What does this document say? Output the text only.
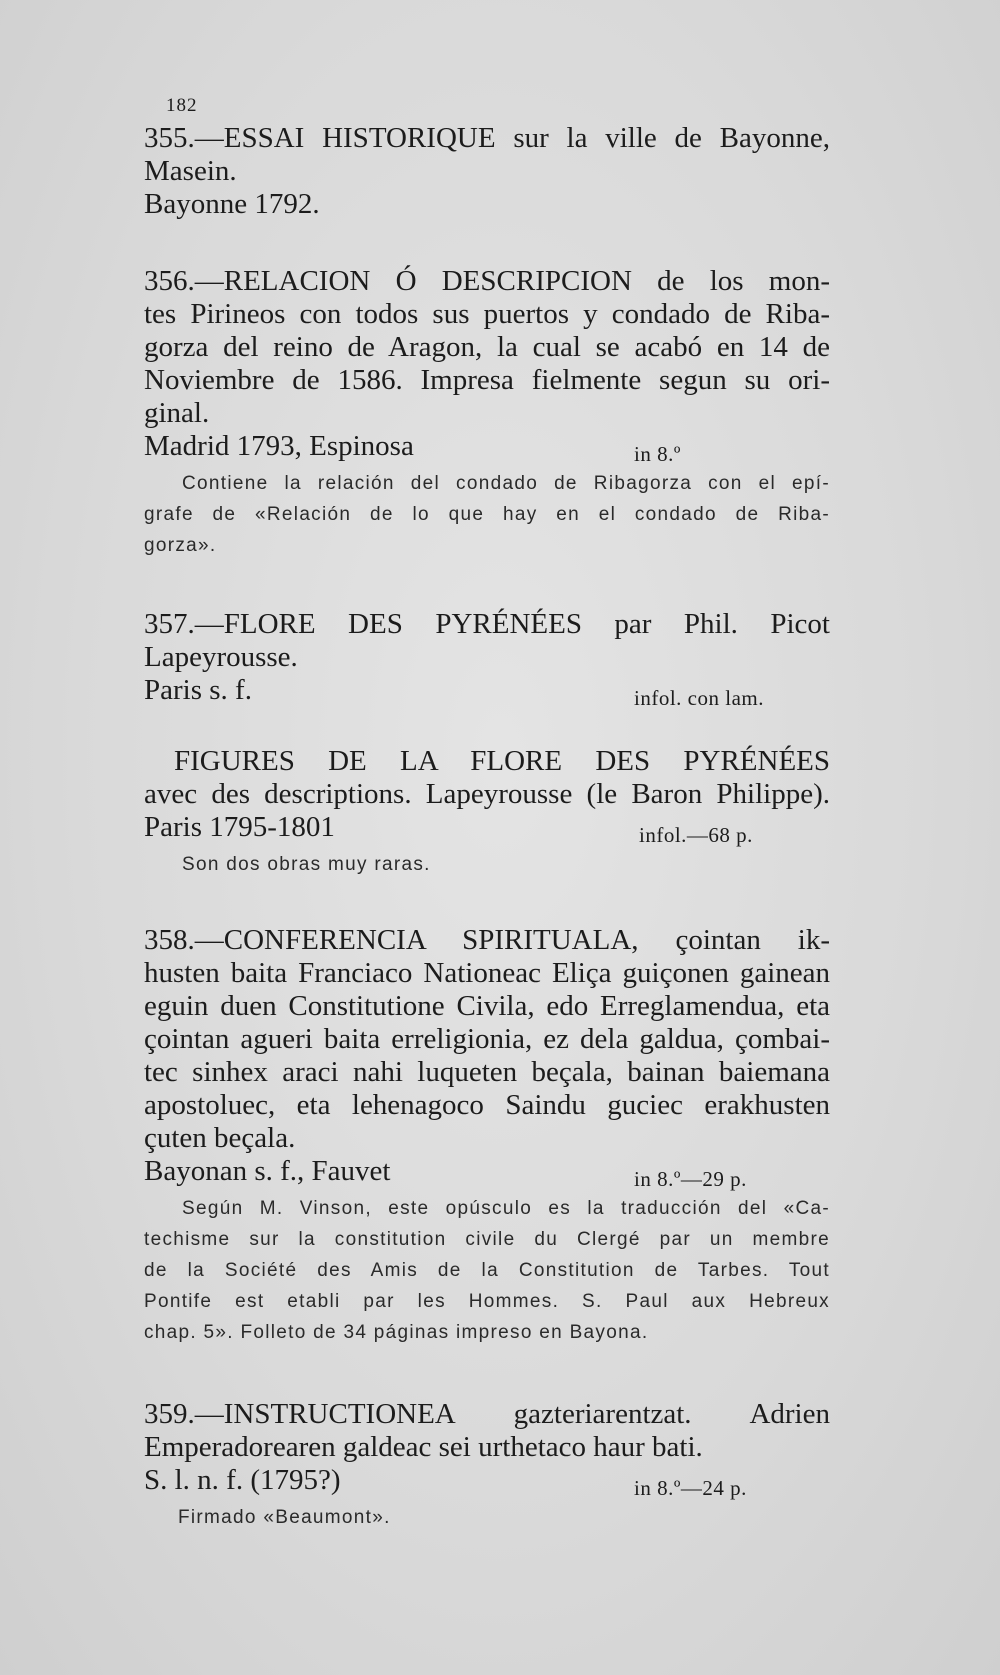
182
355.—ESSAI HISTORIQUE sur la ville de Bayonne,
Masein.
Bayonne 1792.
356.—RELACION Ó DESCRIPCION de los mon-
tes Pirineos con todos sus puertos y condado de Riba-
gorza del reino de Aragon, la cual se acabó en 14 de
Noviembre de 1586. Impresa fielmente segun su ori-
ginal.
Madrid 1793, Espinosa	in 8.º
Contiene la relación del condado de Ribagorza con el epí-
grafe de «Relación de lo que hay en el condado de Riba-
gorza».
357.—FLORE DES PYRÉNÉES par Phil. Picot
Lapeyrousse.
Paris s. f.	infol. con lam.
FIGURES DE LA FLORE DES PYRÉNÉES
avec des descriptions. Lapeyrousse (le Baron Philippe).
Paris 1795-1801	infol.—68 p.
Son dos obras muy raras.
358.—CONFERENCIA SPIRITUALA, çointan ik-
husten baita Franciaco Nationeac Eliça guiçonen gainean
eguin duen Constitutione Civila, edo Erreglamendua, eta
çointan agueri baita erreligionia, ez dela galdua, çombai-
tec sinhex araci nahi luqueten beçala, bainan baiemana
apostoluec, eta lehenagoco Saindu guciec erakhusten
çuten beçala.
Bayonan s. f., Fauvet	in 8.º—29 p.
Según M. Vinson, este opúsculo es la traducción del «Ca-
techisme sur la constitution civile du Clergé par un membre
de la Société des Amis de la Constitution de Tarbes. Tout
Pontife est etabli par les Hommes. S. Paul aux Hebreux
chap. 5». Folleto de 34 páginas impreso en Bayona.
359.—INSTRUCTIONEA gazteriarentzat. Adrien
Emperadorearen galdeac sei urthetaco haur bati.
S. l. n. f. (1795?)	in 8.º—24 p.
Firmado «Beaumont».
